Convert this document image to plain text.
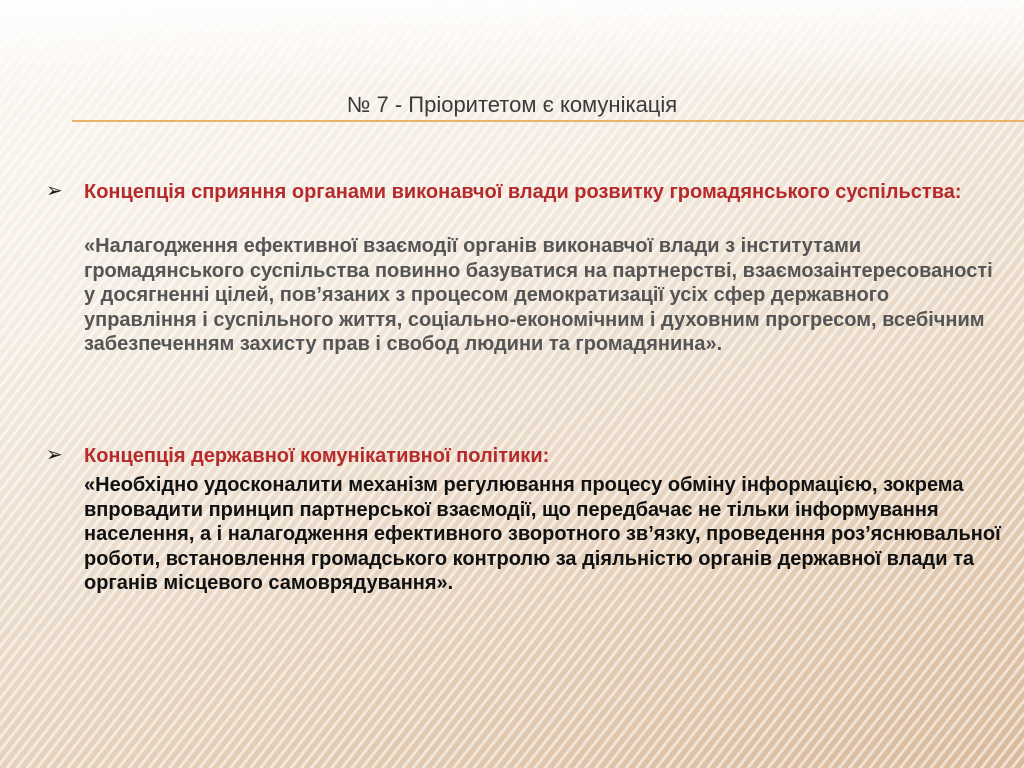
№ 7 - Пріоритетом є комунікація
➢ Концепція сприяння органами виконавчої влади розвитку громадянського суспільства:
«Налагодження ефективної взаємодії органів виконавчої влади з інститутами громадянського суспільства повинно базуватися на партнерстві, взаємозаінтересованості у досягненні цілей, пов’язаних з процесом демократизації усіх сфер державного управління і суспільного життя, соціально-економічним і духовним прогресом, всебічним забезпеченням захисту прав і свобод людини та громадянина».
➢ Концепція державної комунікативної політики:
«Необхідно удосконалити механізм регулювання процесу обміну інформацією, зокрема впровадити принцип партнерської взаємодії, що передбачає не тільки інформування населення, а і налагодження ефективного зворотного зв’язку, проведення роз’яснювальної роботи, встановлення громадського контролю за діяльністю органів державної влади та органів місцевого самоврядування».
